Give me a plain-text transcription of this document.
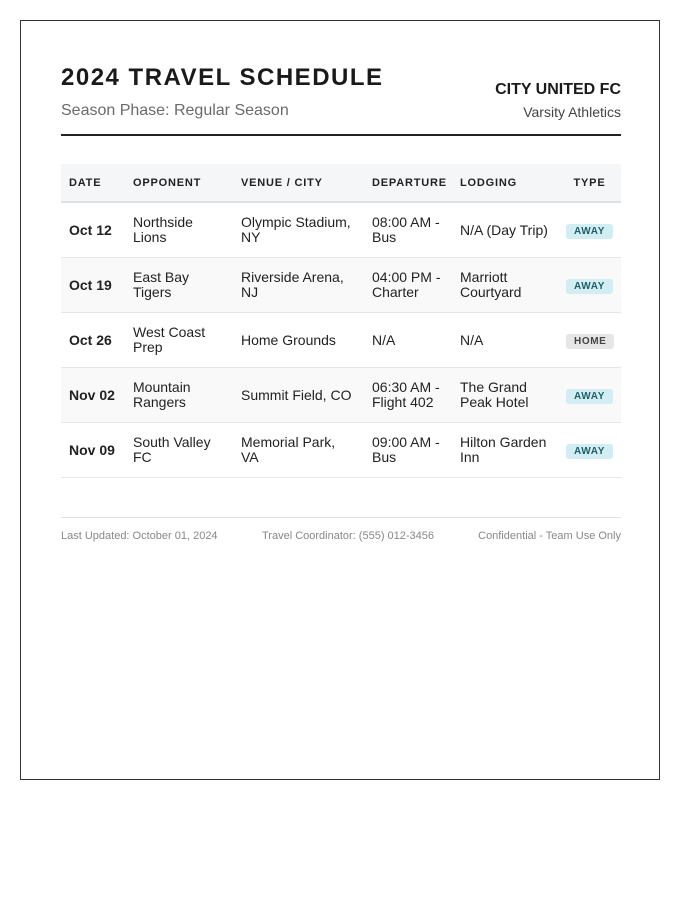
2024 TRAVEL SCHEDULE
Season Phase: Regular Season
CITY UNITED FC
Varsity Athletics
DATE	OPPONENT	VENUE / CITY	DEPARTURE	LODGING	TYPE
Oct 12	Northside Lions	Olympic Stadium, NY	08:00 AM - Bus	N/A (Day Trip)	AWAY
Oct 19	East Bay Tigers	Riverside Arena, NJ	04:00 PM - Charter	Marriott Courtyard	AWAY
Oct 26	West Coast Prep	Home Grounds	N/A	N/A	HOME
Nov 02	Mountain Rangers	Summit Field, CO	06:30 AM - Flight 402	The Grand Peak Hotel	AWAY
Nov 09	South Valley FC	Memorial Park, VA	09:00 AM - Bus	Hilton Garden Inn	AWAY
Last Updated: October 01, 2024	Travel Coordinator: (555) 012-3456	Confidential - Team Use Only
